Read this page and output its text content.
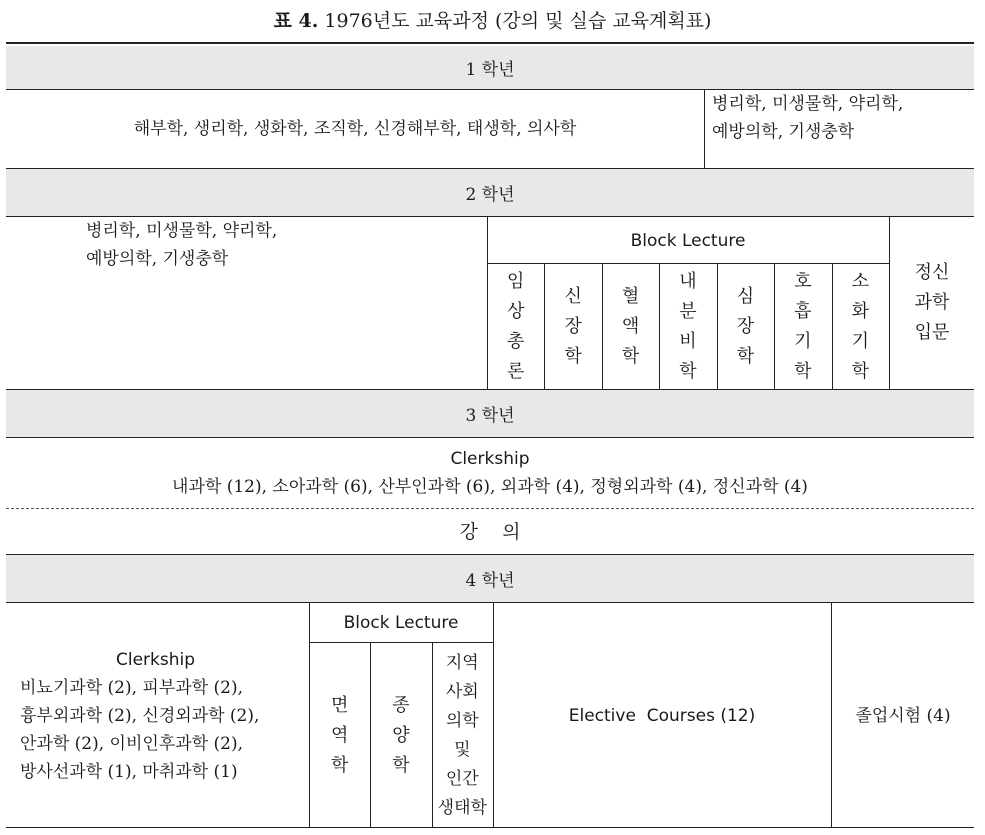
표 4. 1976년도 교육과정 (강의 및 실습 교육계획표)
1 학년
해부학, 생리학, 생화학, 조직학, 신경해부학, 태생학, 의사학
병리학, 미생물학, 약리학,
예방의학, 기생충학
2 학년
병리학, 미생물학, 약리학,
예방의학, 기생충학
Block Lecture
임
상
총
론
신
장
학
혈
액
학
내
분
비
학
심
장
학
호
흡
기
학
소
화
기
학
정신
과학
입문
3 학년
Clerkship
내과학 (12), 소아과학 (6), 산부인과학 (6), 외과학 (4), 정형외과학 (4), 정신과학 (4)
강    의
4 학년
Clerkship
비뇨기과학 (2), 피부과학 (2),
흉부외과학 (2), 신경외과학 (2),
안과학 (2), 이비인후과학 (2),
방사선과학 (1), 마취과학 (1)
Block Lecture
면
역
학
종
양
학
지역
사회
의학
및
인간
생태학
Elective  Courses (12)	졸업시험 (4)
